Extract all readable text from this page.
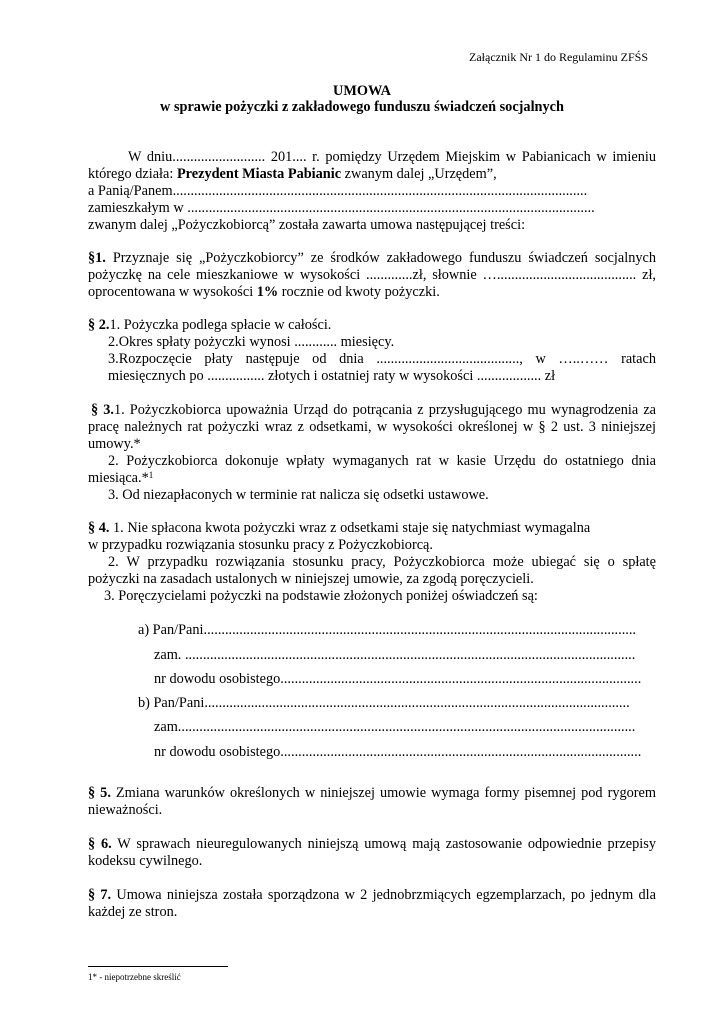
Załącznik Nr 1 do Regulaminu ZFŚS
UMOWA
w sprawie pożyczki z zakładowego funduszu świadczeń socjalnych
W dniu.......................... 201.... r. pomiędzy Urzędem Miejskim w Pabianicach w imieniu
którego działa: Prezydent Miasta Pabianic zwanym dalej „Urzędem”,
a Panią/Panem....................................................................................................................
zamieszkałym w ..................................................................................................................
zwanym dalej „Pożyczkobiorcą” została zawarta umowa następującej treści:
§1. Przyznaje się „Pożyczkobiorcy” ze środków zakładowego funduszu świadczeń socjalnych
pożyczkę na cele mieszkaniowe w wysokości .............zł, słownie …....................................... zł,
oprocentowana w wysokości 1% rocznie od kwoty pożyczki.
§ 2.1. Pożyczka podlega spłacie w całości.
2.Okres spłaty pożyczki wynosi ............ miesięcy.
3.Rozpoczęcie płaty następuje od dnia ........................................, w …..…… ratach
miesięcznych po ................ złotych i ostatniej raty w wysokości .................. zł
§ 3.1. Pożyczkobiorca upoważnia Urząd do potrącania z przysługującego mu wynagrodzenia za
pracę należnych rat pożyczki wraz z odsetkami, w wysokości określonej w § 2 ust. 3 niniejszej
umowy.*
2. Pożyczkobiorca dokonuje wpłaty wymaganych rat w kasie Urzędu do ostatniego dnia
miesiąca.*$^1$
3. Od niezapłaconych w terminie rat nalicza się odsetki ustawowe.
§ 4. 1. Nie spłacona kwota pożyczki wraz z odsetkami staje się natychmiast wymagalna
w przypadku rozwiązania stosunku pracy z Pożyczkobiorcą.
2. W przypadku rozwiązania stosunku pracy, Pożyczkobiorca może ubiegać się o spłatę
pożyczki na zasadach ustalonych w niniejszej umowie, za zgodą poręczycieli.
3. Poręczycielami pożyczki na podstawie złożonych poniżej oświadczeń są:
a) Pan/Pani.........................................................................................................................
zam. ..............................................................................................................................
nr dowodu osobistego.....................................................................................................
b) Pan/Pani.......................................................................................................................
zam................................................................................................................................
nr dowodu osobistego.....................................................................................................
§ 5. Zmiana warunków określonych w niniejszej umowie wymaga formy pisemnej pod rygorem
nieważności.
§ 6. W sprawach nieuregulowanych niniejszą umową mają zastosowanie odpowiednie przepisy
kodeksu cywilnego.
§ 7. Umowa niniejsza została sporządzona w 2 jednobrzmiących egzemplarzach, po jednym dla
każdej ze stron.
1* - niepotrzebne skreślić
